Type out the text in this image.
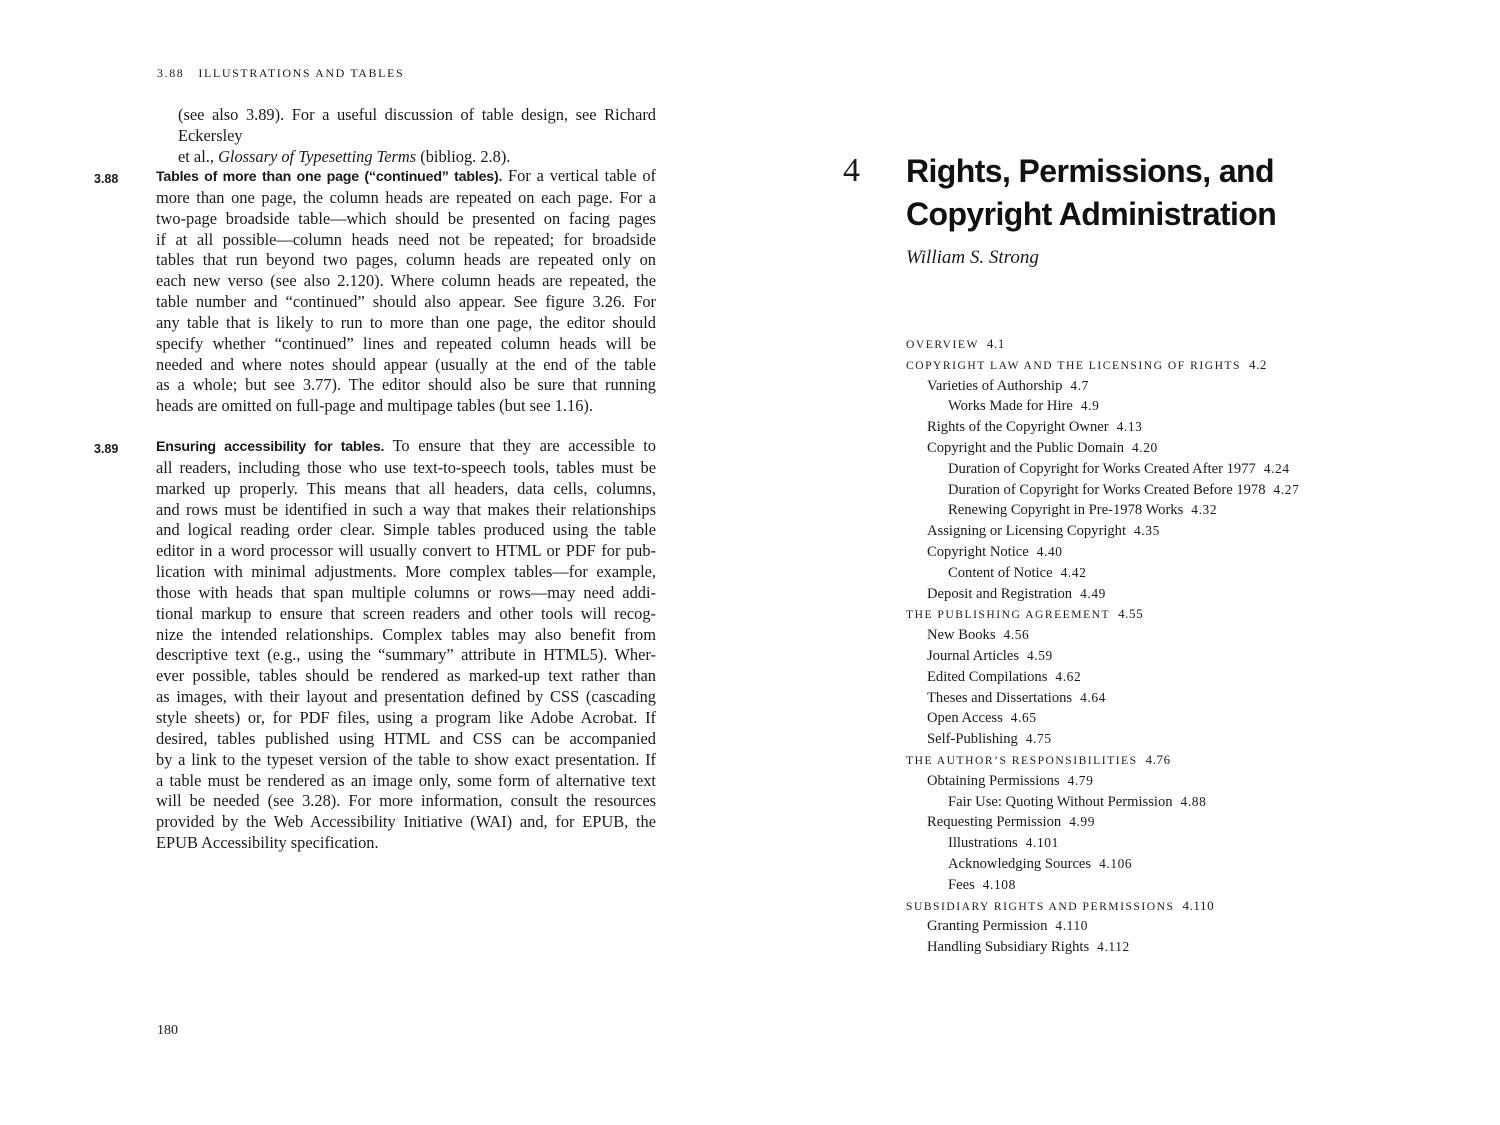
3.88 ILLUSTRATIONS AND TABLES
(see also 3.89). For a useful discussion of table design, see Richard Eckersley
et al., Glossary of Typesetting Terms (bibliog. 2.8).
3.88	Tables of more than one page (“continued” tables). For a vertical table of
more than one page, the column heads are repeated on each page. For a
two-page broadside table—which should be presented on facing pages
if at all possible—column heads need not be repeated; for broadside
tables that run beyond two pages, column heads are repeated only on
each new verso (see also 2.120). Where column heads are repeated, the
table number and “continued” should also appear. See figure 3.26. For
any table that is likely to run to more than one page, the editor should
specify whether “continued” lines and repeated column heads will be
needed and where notes should appear (usually at the end of the table
as a whole; but see 3.77). The editor should also be sure that running
heads are omitted on full-page and multipage tables (but see 1.16).
3.89	Ensuring accessibility for tables. To ensure that they are accessible to
all readers, including those who use text-to-speech tools, tables must be
marked up properly. This means that all headers, data cells, columns,
and rows must be identified in such a way that makes their relationships
and logical reading order clear. Simple tables produced using the table
editor in a word processor will usually convert to HTML or PDF for pub-
lication with minimal adjustments. More complex tables—for example,
those with heads that span multiple columns or rows—may need addi-
tional markup to ensure that screen readers and other tools will recog-
nize the intended relationships. Complex tables may also benefit from
descriptive text (e.g., using the “summary” attribute in HTML5). Wher-
ever possible, tables should be rendered as marked-up text rather than
as images, with their layout and presentation defined by CSS (cascading
style sheets) or, for PDF files, using a program like Adobe Acrobat. If
desired, tables published using HTML and CSS can be accompanied
by a link to the typeset version of the table to show exact presentation. If
a table must be rendered as an image only, some form of alternative text
will be needed (see 3.28). For more information, consult the resources
provided by the Web Accessibility Initiative (WAI) and, for EPUB, the
EPUB Accessibility specification.
180
4 Rights, Permissions, and
Copyright Administration
William S. Strong
OVERVIEW 4.1
COPYRIGHT LAW AND THE LICENSING OF RIGHTS 4.2
Varieties of Authorship 4.7
Works Made for Hire 4.9
Rights of the Copyright Owner 4.13
Copyright and the Public Domain 4.20
Duration of Copyright for Works Created After 1977 4.24
Duration of Copyright for Works Created Before 1978 4.27
Renewing Copyright in Pre-1978 Works 4.32
Assigning or Licensing Copyright 4.35
Copyright Notice 4.40
Content of Notice 4.42
Deposit and Registration 4.49
THE PUBLISHING AGREEMENT 4.55
New Books 4.56
Journal Articles 4.59
Edited Compilations 4.62
Theses and Dissertations 4.64
Open Access 4.65
Self-Publishing 4.75
THE AUTHOR’S RESPONSIBILITIES 4.76
Obtaining Permissions 4.79
Fair Use: Quoting Without Permission 4.88
Requesting Permission 4.99
Illustrations 4.101
Acknowledging Sources 4.106
Fees 4.108
SUBSIDIARY RIGHTS AND PERMISSIONS 4.110
Granting Permission 4.110
Handling Subsidiary Rights 4.112
